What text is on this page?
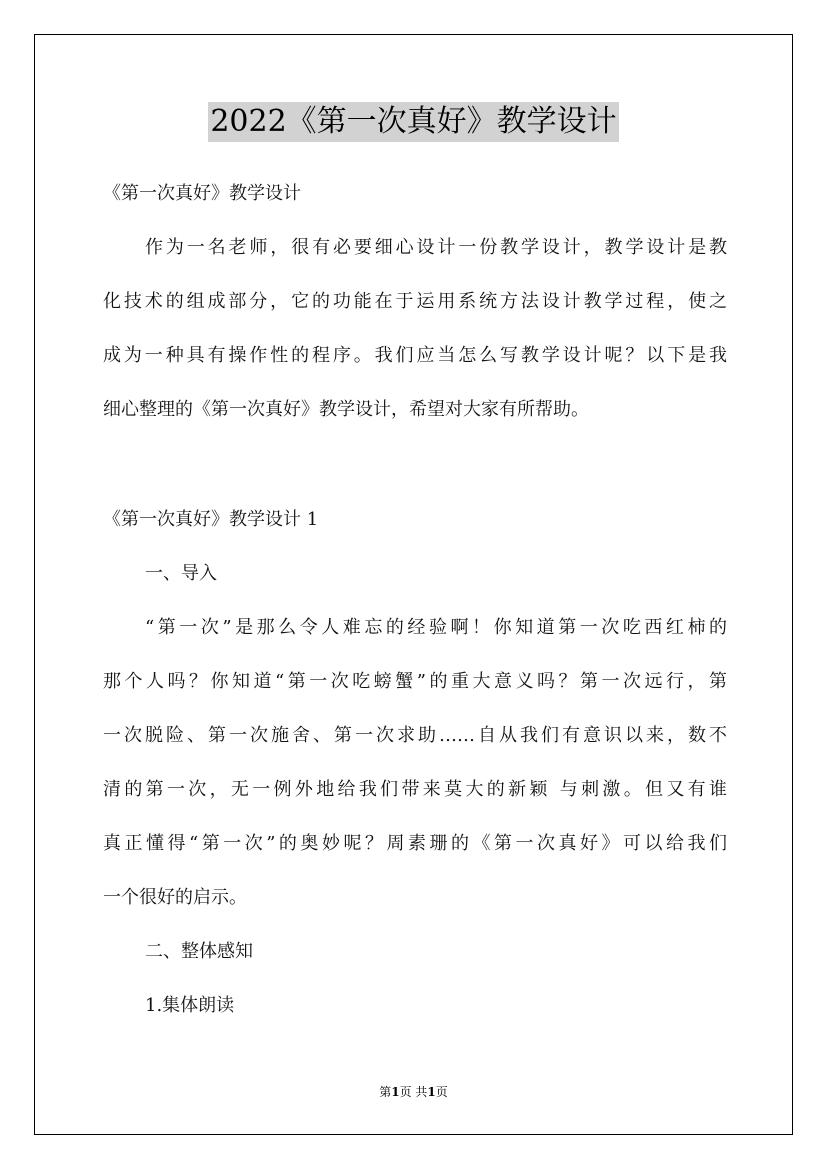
2022《第一次真好》教学设计
《第一次真好》教学设计
作为一名老师，很有必要细心设计一份教学设计，教学设计是教
化技术的组成部分，它的功能在于运用系统方法设计教学过程，使之
成为一种具有操作性的程序。我们应当怎么写教学设计呢？以下是我
细心整理的《第一次真好》教学设计，希望对大家有所帮助。
《第一次真好》教学设计 1
一、导入
“第一次”是那么令人难忘的经验啊！你知道第一次吃西红柿的
那个人吗？你知道“第一次吃螃蟹”的重大意义吗？第一次远行，第
一次脱险、第一次施舍、第一次求助……自从我们有意识以来，数不
清的第一次，无一例外地给我们带来莫大的新颖 与刺激。但又有谁
真正懂得“第一次”的奥妙呢？周素珊的《第一次真好》可以给我们
一个很好的启示。
二、整体感知
1.集体朗读
第1页 共1页
